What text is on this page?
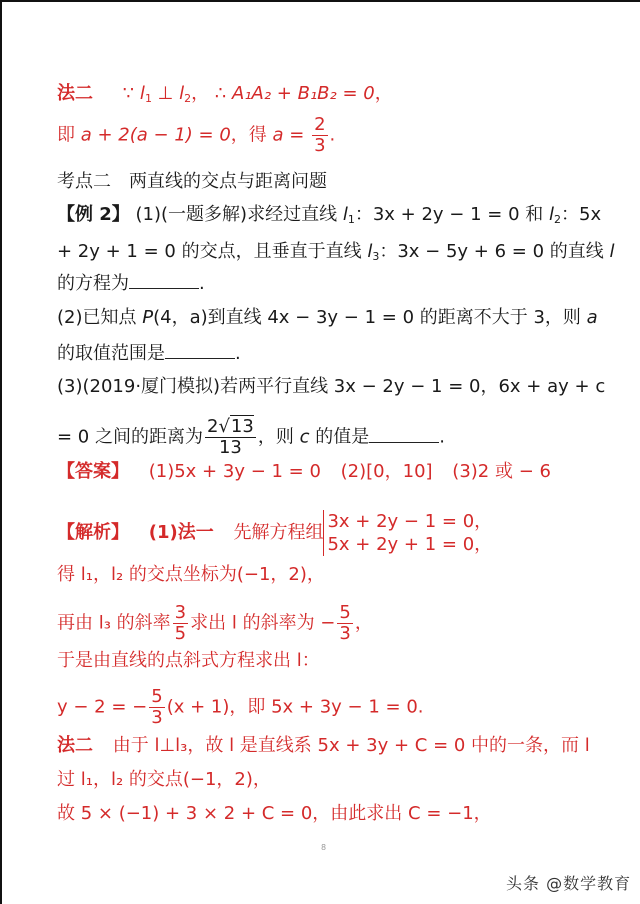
法二 ∵ $l_1$ ⊥ $l_2$， ∴ A₁A₂ + B₁B₂ = 0，
即 a + 2(a − 1) = 0，得 $a = \frac{2}{3}$ .
考点二　两直线的交点与距离问题
【例 2】 (1)(一题多解)求经过直线 $l_1$：3x + 2y − 1 = 0 和 $l_2$：5x
+ 2y + 1 = 0 的交点，且垂直于直线 $l_3$：3x − 5y + 6 = 0 的直线 l
的方程为	.
(2)已知点 P(4，a)到直线 4x − 3y − 1 = 0 的距离不大于 3，则 a
的取值范围是	.
(3)(2019·厦门模拟)若两平行直线 3x − 2y − 1 = 0，6x + ay + c
= 0 之间的距离为 $\frac{2√13}{13}$ ，则 c 的值是	.
【答案】 (1)5x + 3y − 1 = 0 (2)[0，10] (3)2 或 − 6
【解析】 (1)法一 先解方程组
3x + 2y − 1 = 0，
5x + 2y + 1 = 0，
得 l₁，l₂ 的交点坐标为(−1，2)，
再由 l₃ 的斜率 $\frac{3}{5}$ 求出 l 的斜率为 − $\frac{5}{3}$ ，
于是由直线的点斜式方程求出 l：
y − 2 = − $\frac{5}{3} (x + 1)$，即 5x + 3y − 1 = 0.
法二 由于 l⊥l₃，故 l 是直线系 5x + 3y + C = 0 中的一条，而 l
过 l₁，l₂ 的交点(−1，2)，
故 5 × (−1) + 3 × 2 + C = 0，由此求出 C = −1，
8
头条 @数学教育
